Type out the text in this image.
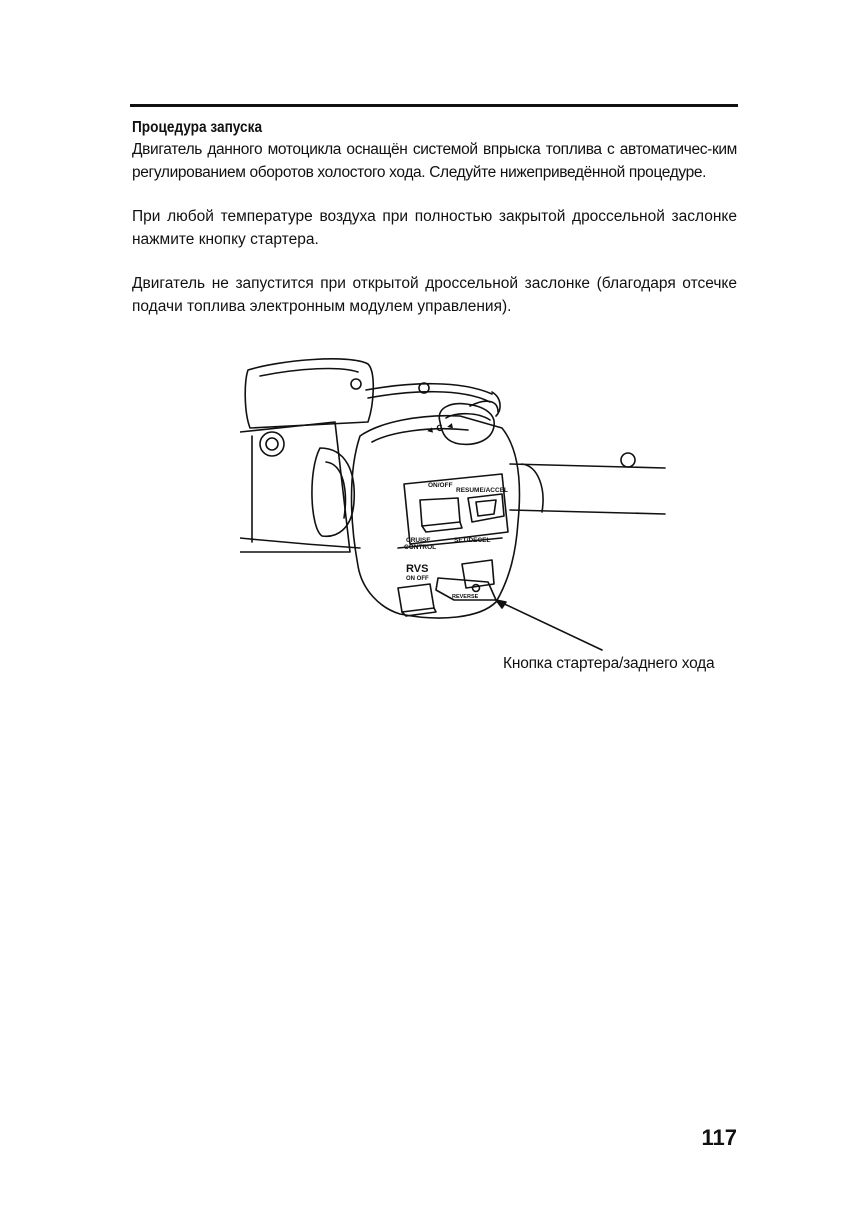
Процедура запуска

Двигатель данного мотоцикла оснащён системой впрыска топлива с автоматичес-ким регулированием оборотов холостого хода. Следуйте нижеприведённой процедуре.

При любой температуре воздуха при полностью закрытой дроссельной заслонке нажмите кнопку стартера.

Двигатель не запустится при открытой дроссельной заслонке (благодаря отсечке подачи топлива электронным модулем управления).

◄ C ◄
ON/OFF
RESUME/ACCEL
CRUISE
CONTROL
SET/DECEL
RVS
ON OFF
REVERSE
Кнопка стартера/заднего хода
117
